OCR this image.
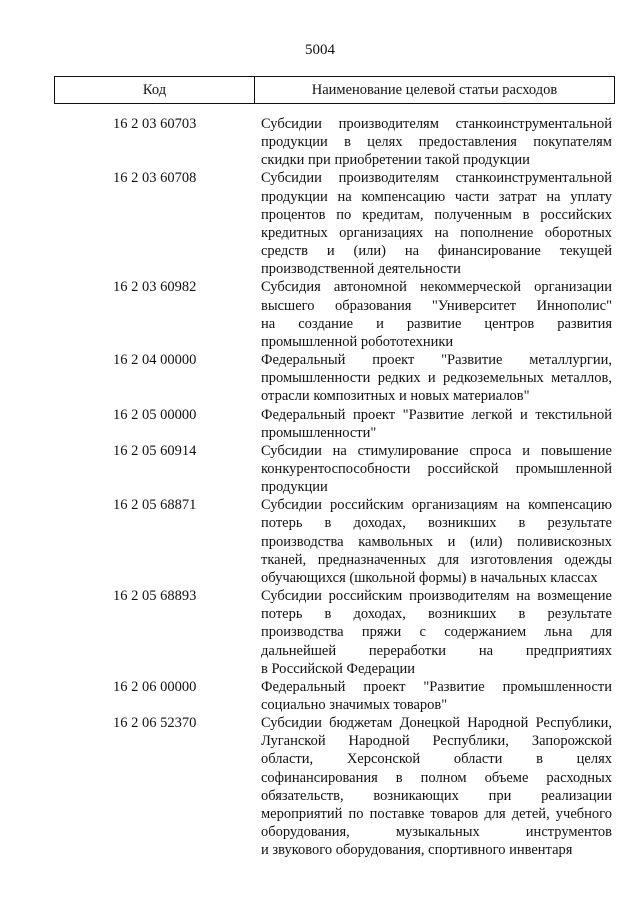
5004
Код	Наименование целевой статьи расходов
16 2 03 60703	Субсидии производителям станкоинструментальной
продукции в целях предоставления покупателям
скидки при приобретении такой продукции
16 2 03 60708	Субсидии производителям станкоинструментальной
продукции на компенсацию части затрат на уплату
процентов по кредитам, полученным в российских
кредитных организациях на пополнение оборотных
средств и (или) на финансирование текущей
производственной деятельности
16 2 03 60982	Субсидия автономной некоммерческой организации
высшего образования "Университет Иннополис"
на создание и развитие центров развития
промышленной робототехники
16 2 04 00000	Федеральный проект "Развитие металлургии,
промышленности редких и редкоземельных металлов,
отрасли композитных и новых материалов"
16 2 05 00000	Федеральный проект "Развитие легкой и текстильной
промышленности"
16 2 05 60914	Субсидии на стимулирование спроса и повышение
конкурентоспособности российской промышленной
продукции
16 2 05 68871	Субсидии российским организациям на компенсацию
потерь в доходах, возникших в результате
производства камвольных и (или) поливискозных
тканей, предназначенных для изготовления одежды
обучающихся (школьной формы) в начальных классах
16 2 05 68893	Субсидии российским производителям на возмещение
потерь в доходах, возникших в результате
производства пряжи с содержанием льна для
дальнейшей переработки на предприятиях
в Российской Федерации
16 2 06 00000	Федеральный проект "Развитие промышленности
социально значимых товаров"
16 2 06 52370	Субсидии бюджетам Донецкой Народной Республики,
Луганской Народной Республики, Запорожской
области, Херсонской области в целях
софинансирования в полном объеме расходных
обязательств, возникающих при реализации
мероприятий по поставке товаров для детей, учебного
оборудования, музыкальных инструментов
и звукового оборудования, спортивного инвентаря
